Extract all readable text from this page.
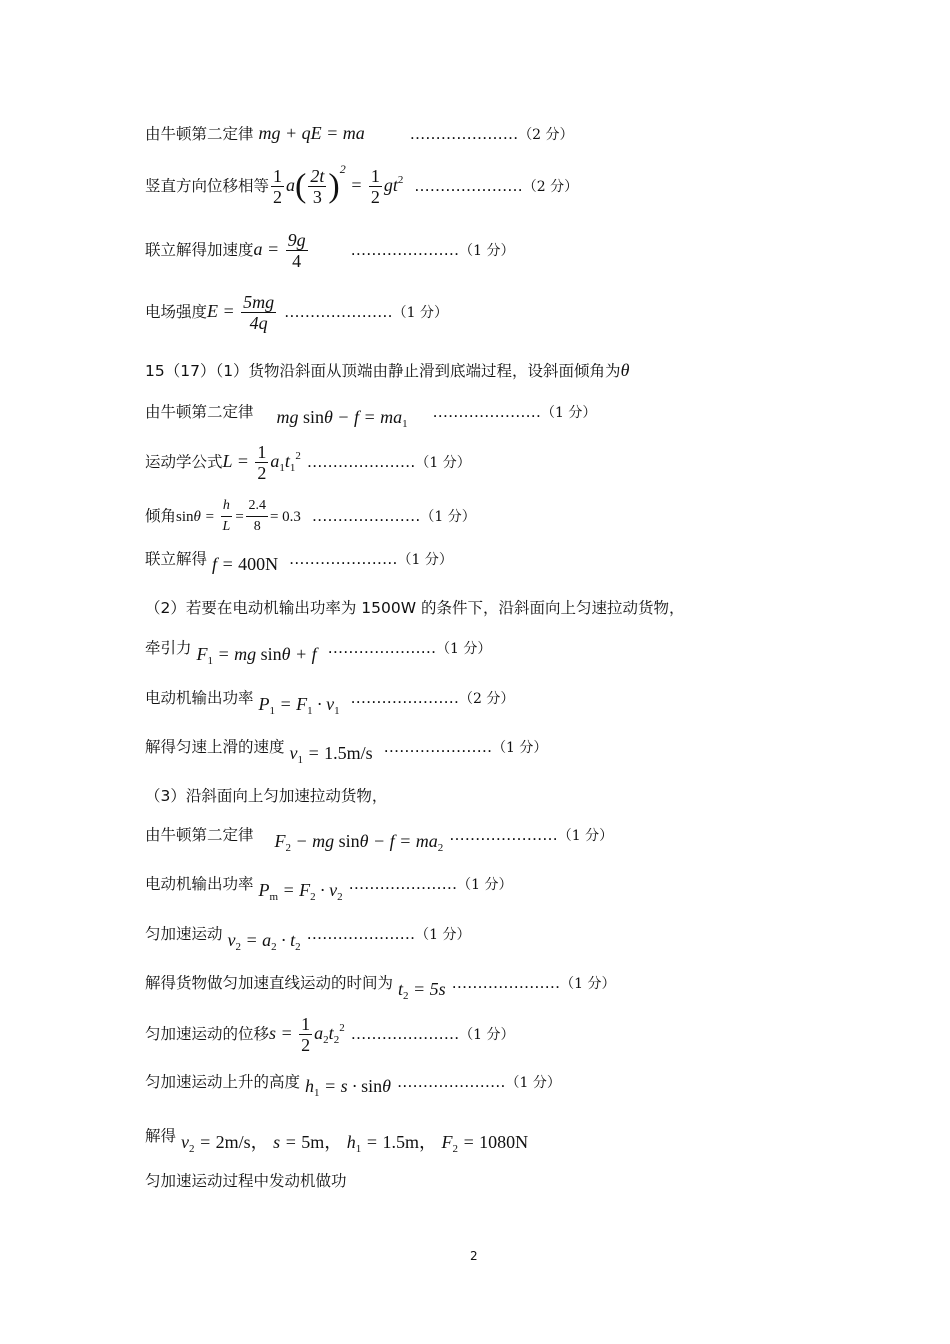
由牛顿第二定律 mg + qE = ma	…………………（2 分）
竖直方向位移相等 $\frac{1}{2} a( \frac{2t}{3} )^2 = \frac{1}{2} gt^2$ …………………（2 分）
联立解得加速度$a = \frac{9g}{4}$	…………………（1 分）
电场强度$E = \frac{5mg}{4q}$ …………………（1 分）
15（17）（1）货物沿斜面从顶端由静止滑到底端过程，设斜面倾角为θ
由牛顿第二定律 mg $\sin\theta - f = ma_1$ …………………（1 分）
运动学公式$L = \frac{1}{2} a_1t_1^2$ …………………（1 分）
倾角$\sin\theta = \frac{h}{L} = \frac{2.4}{8} = 0.3$ …………………（1 分）
联立解得 f = 400N …………………（1 分）
（2）若要在电动机输出功率为 1500W 的条件下，沿斜面向上匀速拉动货物，
牵引力 $F_1$ = mg sinθ + f …………………（1 分）
电动机输出功率 $P_1 = F_1 \cdot v_1$ …………………（2 分）
解得匀速上滑的速度 $v_1 = 1.5m/s$ …………………（1 分）
（3）沿斜面向上匀加速拉动货物，
由牛顿第二定律 $F_2$ − mg $\sin\theta - f = ma_2\dots\dots\dots\dots\dots\dots\dots(1$ 分）
电动机输出功率 $P_m = F_2$ · $v_2\dots\dots\dots\dots\dots\dots\dots(1$ 分）
匀加速运动 $v_2 = a_2$ · $t_2\dots\dots\dots\dots\dots\dots\dots(1$ 分）
解得货物做匀加速直线运动的时间为 $t_2 = 5s$ …………………（1 分）
匀加速运动的位移$s = \frac{1}{2} a_2t_2^2$ …………………（1 分）
匀加速运动上升的高度 $h_1 = s \cdot \sin\theta$ …………………（1 分）
解得 $v_2 = 2m/s$， s = 5m， $h_1 = 1.5m$， $F_2 = 1080N$
匀加速运动过程中发动机做功
2
